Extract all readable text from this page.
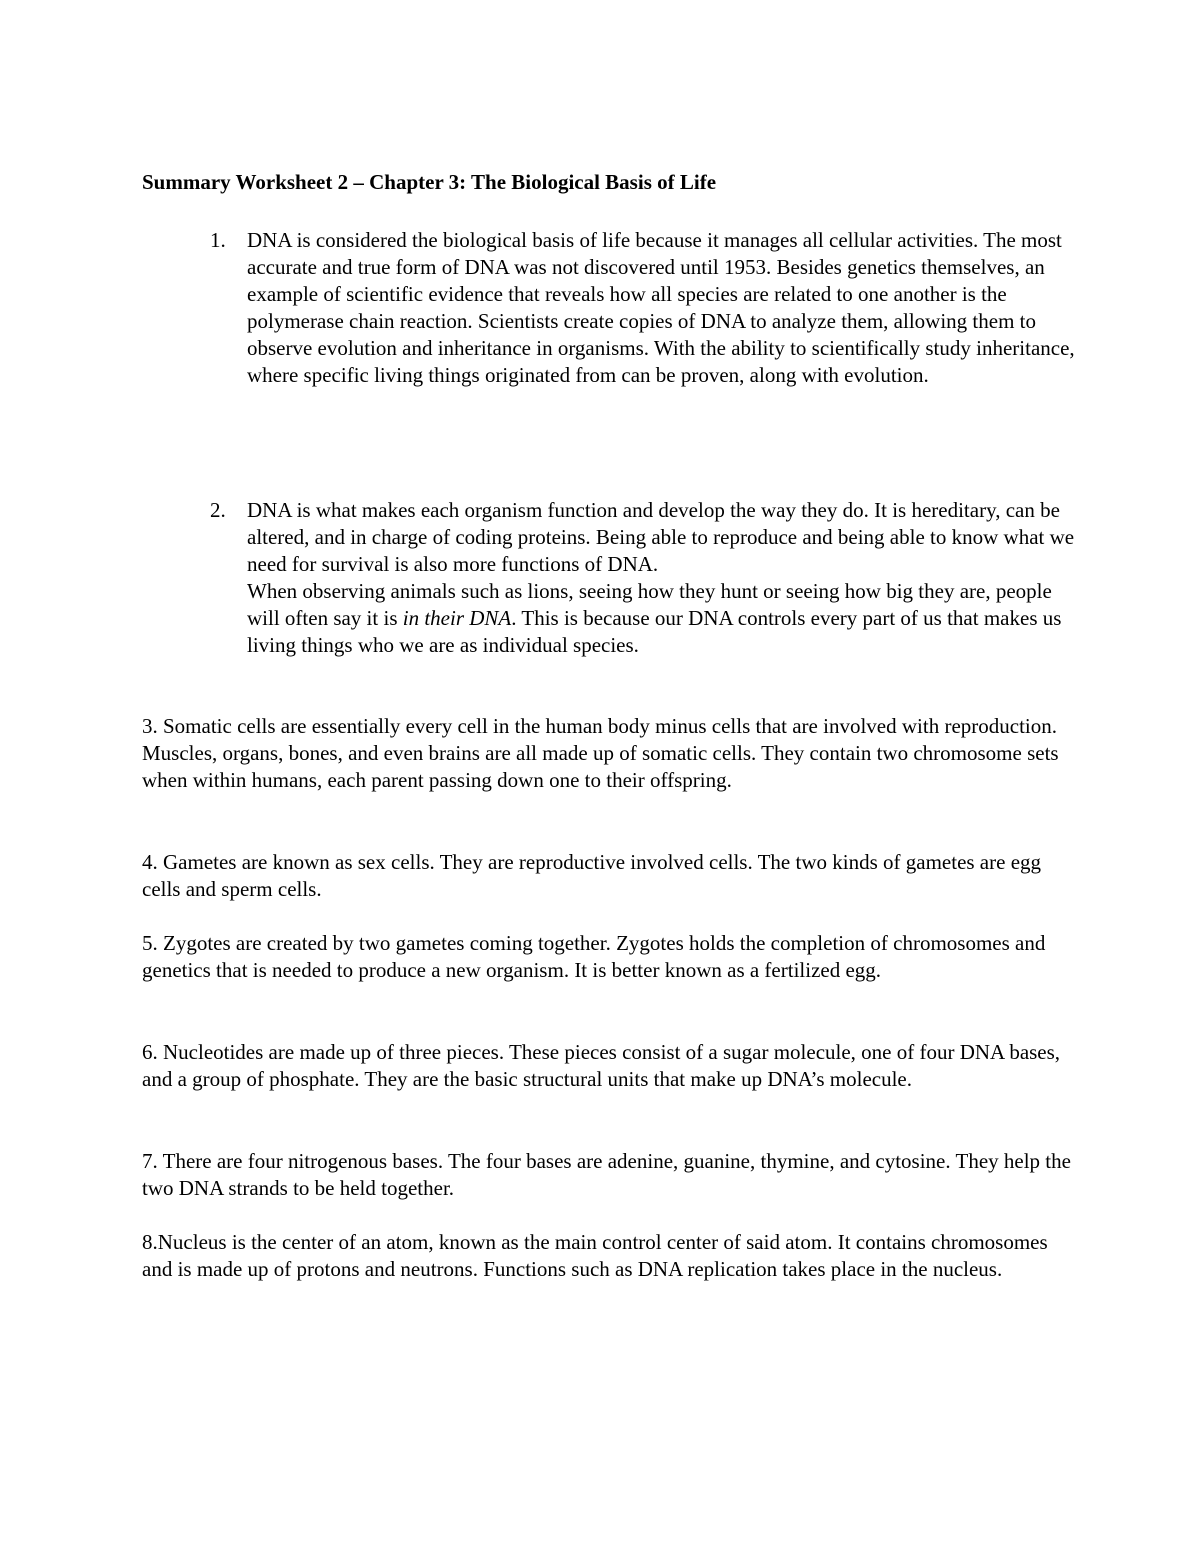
Summary Worksheet 2 – Chapter 3: The Biological Basis of Life
1. DNA is considered the biological basis of life because it manages all cellular activities. The most accurate and true form of DNA was not discovered until 1953. Besides genetics themselves, an example of scientific evidence that reveals how all species are related to one another is the polymerase chain reaction. Scientists create copies of DNA to analyze them, allowing them to observe evolution and inheritance in organisms. With the ability to scientifically study inheritance, where specific living things originated from can be proven, along with evolution.

2. DNA is what makes each organism function and develop the way they do. It is hereditary, can be altered, and in charge of coding proteins. Being able to reproduce and being able to know what we need for survival is also more functions of DNA.

When observing animals such as lions, seeing how they hunt or seeing how big they are, people will often say it is in their DNA. This is because our DNA controls every part of us that makes us living things who we are as individual species.

3. Somatic cells are essentially every cell in the human body minus cells that are involved with reproduction. Muscles, organs, bones, and even brains are all made up of somatic cells. They contain two chromosome sets when within humans, each parent passing down one to their offspring.

4. Gametes are known as sex cells. They are reproductive involved cells. The two kinds of gametes are egg cells and sperm cells.

5. Zygotes are created by two gametes coming together. Zygotes holds the completion of chromosomes and genetics that is needed to produce a new organism. It is better known as a fertilized egg.

6. Nucleotides are made up of three pieces. These pieces consist of a sugar molecule, one of four DNA bases, and a group of phosphate. They are the basic structural units that make up DNA’s molecule.

7. There are four nitrogenous bases. The four bases are adenine, guanine, thymine, and cytosine. They help the two DNA strands to be held together.

8.Nucleus is the center of an atom, known as the main control center of said atom. It contains chromosomes and is made up of protons and neutrons. Functions such as DNA replication takes place in the nucleus.
